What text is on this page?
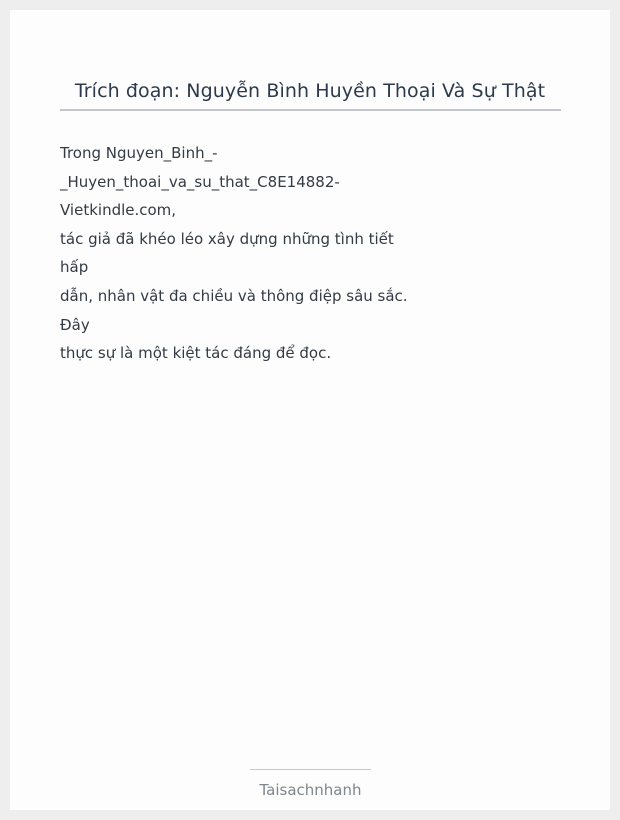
Trích đoạn: Nguyễn Bình Huyền Thoại Và Sự Thật
Trong Nguyen_Binh_-
_Huyen_thoai_va_su_that_C8E14882-
Vietkindle.com,
tác giả đã khéo léo xây dựng những tình tiết
hấp
dẫn, nhân vật đa chiều và thông điệp sâu sắc.
Đây
thực sự là một kiệt tác đáng để đọc.
Taisachnhanh
